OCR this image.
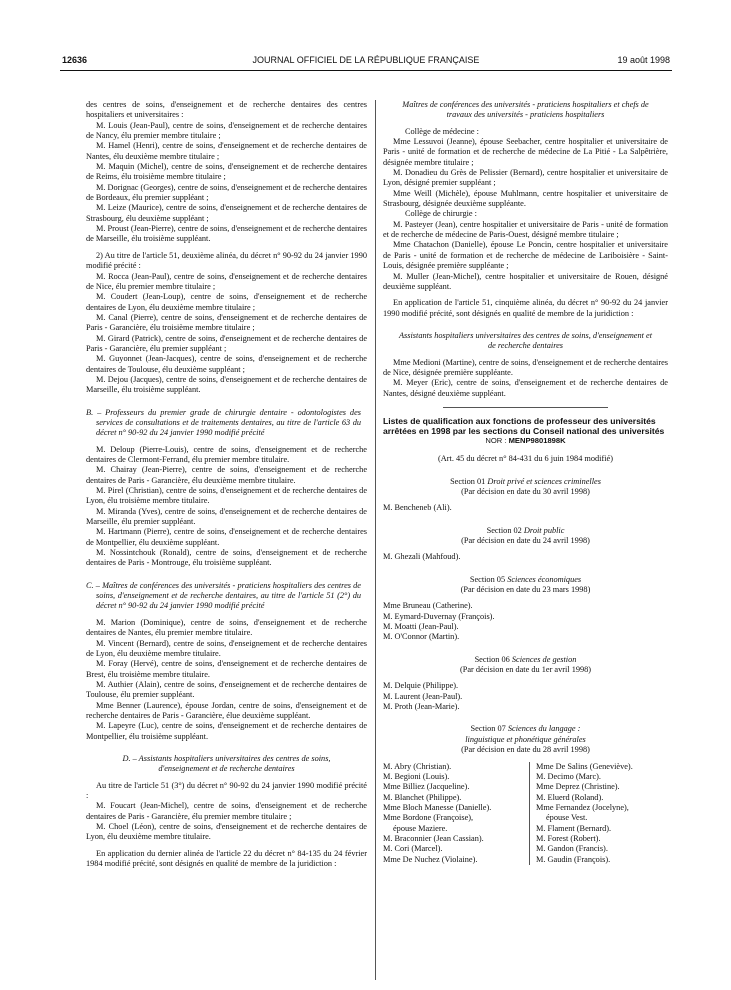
12636	JOURNAL OFFICIEL DE LA RÉPUBLIQUE FRANÇAISE	19 août 1998

des centres de soins, d'enseignement et de recherche dentaires des centres hospitaliers et universitaires :

M. Louis (Jean-Paul), centre de soins, d'enseignement et de recherche dentaires de Nancy, élu premier membre titulaire ;

M. Hamel (Henri), centre de soins, d'enseignement et de recherche dentaires de Nantes, élu deuxième membre titulaire ;

M. Maquin (Michel), centre de soins, d'enseignement et de recherche dentaires de Reims, élu troisième membre titulaire ;

M. Dorignac (Georges), centre de soins, d'enseignement et de recherche dentaires de Bordeaux, élu premier suppléant ;

M. Leize (Maurice), centre de soins, d'enseignement et de recherche dentaires de Strasbourg, élu deuxième suppléant ;

M. Proust (Jean-Pierre), centre de soins, d'enseignement et de recherche dentaires de Marseille, élu troisième suppléant.

2) Au titre de l'article 51, deuxième alinéa, du décret n° 90-92 du 24 janvier 1990 modifié précité :

M. Rocca (Jean-Paul), centre de soins, d'enseignement et de recherche dentaires de Nice, élu premier membre titulaire ;

M. Coudert (Jean-Loup), centre de soins, d'enseignement et de recherche dentaires de Lyon, élu deuxième membre titulaire ;

M. Canal (Pierre), centre de soins, d'enseignement et de recherche dentaires de Paris - Garancière, élu troisième membre titulaire ;

M. Girard (Patrick), centre de soins, d'enseignement et de recherche dentaires de Paris - Garancière, élu premier suppléant ;

M. Guyonnet (Jean-Jacques), centre de soins, d'enseignement et de recherche dentaires de Toulouse, élu deuxième suppléant ;

M. Dejou (Jacques), centre de soins, d'enseignement et de recherche dentaires de Marseille, élu troisième suppléant.

B. – Professeurs du premier grade de chirurgie dentaire - odontologistes des services de consultations et de traitements dentaires, au titre de l'article 63 du décret n° 90-92 du 24 janvier 1990 modifié précité

M. Deloup (Pierre-Louis), centre de soins, d'enseignement et de recherche dentaires de Clermont-Ferrand, élu premier membre titulaire.

M. Chairay (Jean-Pierre), centre de soins, d'enseignement et de recherche dentaires de Paris - Garancière, élu deuxième membre titulaire.

M. Pirel (Christian), centre de soins, d'enseignement et de recherche dentaires de Lyon, élu troisième membre titulaire.

M. Miranda (Yves), centre de soins, d'enseignement et de recherche dentaires de Marseille, élu premier suppléant.

M. Hartmann (Pierre), centre de soins, d'enseignement et de recherche dentaires de Montpellier, élu deuxième suppléant.

M. Nossintchouk (Ronald), centre de soins, d'enseignement et de recherche dentaires de Paris - Montrouge, élu troisième suppléant.

C. – Maîtres de conférences des universités - praticiens hospitaliers des centres de soins, d'enseignement et de recherche dentaires, au titre de l'article 51 (2°) du décret n° 90-92 du 24 janvier 1990 modifié précité

M. Marion (Dominique), centre de soins, d'enseignement et de recherche dentaires de Nantes, élu premier membre titulaire.

M. Vincent (Bernard), centre de soins, d'enseignement et de recherche dentaires de Lyon, élu deuxième membre titulaire.

M. Foray (Hervé), centre de soins, d'enseignement et de recherche dentaires de Brest, élu troisième membre titulaire.

M. Authier (Alain), centre de soins, d'enseignement et de recherche dentaires de Toulouse, élu premier suppléant.

Mme Benner (Laurence), épouse Jordan, centre de soins, d'enseignement et de recherche dentaires de Paris - Garancière, élue deuxième suppléant.

M. Lapeyre (Luc), centre de soins, d'enseignement et de recherche dentaires de Montpellier, élu troisième suppléant.

D. – Assistants hospitaliers universitaires des centres de soins, d'enseignement et de recherche dentaires

Au titre de l'article 51 (3°) du décret n° 90-92 du 24 janvier 1990 modifié précité :

M. Foucart (Jean-Michel), centre de soins, d'enseignement et de recherche dentaires de Paris - Garancière, élu premier membre titulaire ;

M. Choel (Léon), centre de soins, d'enseignement et de recherche dentaires de Lyon, élu deuxième membre titulaire.

En application du dernier alinéa de l'article 22 du décret n° 84-135 du 24 février 1984 modifié précité, sont désignés en qualité de membre de la juridiction :

Maîtres de conférences des universités - praticiens hospitaliers et chefs de travaux des universités - praticiens hospitaliers

Collège de médecine :

Mme Lessuvoi (Jeanne), épouse Seebacher, centre hospitalier et universitaire de Paris - unité de formation et de recherche de médecine de La Pitié - La Salpêtrière, désignée membre titulaire ;

M. Donadieu du Grès de Pelissier (Bernard), centre hospitalier et universitaire de Lyon, désigné premier suppléant ;

Mme Weill (Michèle), épouse Muhlmann, centre hospitalier et universitaire de Strasbourg, désignée deuxième suppléante.

Collège de chirurgie :

M. Pasteyer (Jean), centre hospitalier et universitaire de Paris - unité de formation et de recherche de médecine de Paris-Ouest, désigné membre titulaire ;

Mme Chatachon (Danielle), épouse Le Poncin, centre hospitalier et universitaire de Paris - unité de formation et de recherche de médecine de Lariboisière - Saint-Louis, désignée première suppléante ;

M. Muller (Jean-Michel), centre hospitalier et universitaire de Rouen, désigné deuxième suppléant.

En application de l'article 51, cinquième alinéa, du décret n° 90-92 du 24 janvier 1990 modifié précité, sont désignés en qualité de membre de la juridiction :

Assistants hospitaliers universitaires des centres de soins, d'enseignement et de recherche dentaires

Mme Medioni (Martine), centre de soins, d'enseignement et de recherche dentaires de Nice, désignée première suppléante.

M. Meyer (Eric), centre de soins, d'enseignement et de recherche dentaires de Nantes, désigné deuxième suppléant.

Listes de qualification aux fonctions de professeur des universités arrêtées en 1998 par les sections du Conseil national des universités

NOR : MENP9801898K

(Art. 45 du décret n° 84-431 du 6 juin 1984 modifié)

Section 01 Droit privé et sciences criminelles

(Par décision en date du 30 avril 1998)

M. Bencheneb (Ali).

Section 02 Droit public

(Par décision en date du 24 avril 1998)

M. Ghezali (Mahfoud).

Section 05 Sciences économiques

(Par décision en date du 23 mars 1998)

Mme Bruneau (Catherine).

M. Eymard-Duvernay (François).

M. Moatti (Jean-Paul).

M. O'Connor (Martin).

Section 06 Sciences de gestion

(Par décision en date du 1er avril 1998)

M. Delquie (Philippe).

M. Laurent (Jean-Paul).

M. Proth (Jean-Marie).

Section 07 Sciences du langage :

linguistique et phonétique générales

(Par décision en date du 28 avril 1998)

M. Abry (Christian).
M. Begioni (Louis).
Mme Billiez (Jacqueline).
M. Blanchet (Philippe).
Mme Bloch Manesse (Danielle).
Mme Bordone (Françoise),
épouse Maziere.
M. Braconnier (Jean Cassian).
M. Cori (Marcel).
Mme De Nuchez (Violaine).
Mme De Salins (Geneviève).
M. Decimo (Marc).
Mme Deprez (Christine).
M. Eluerd (Roland).
Mme Fernandez (Jocelyne),
épouse Vest.
M. Flament (Bernard).
M. Forest (Robert).
M. Gandon (Francis).
M. Gaudin (François).
